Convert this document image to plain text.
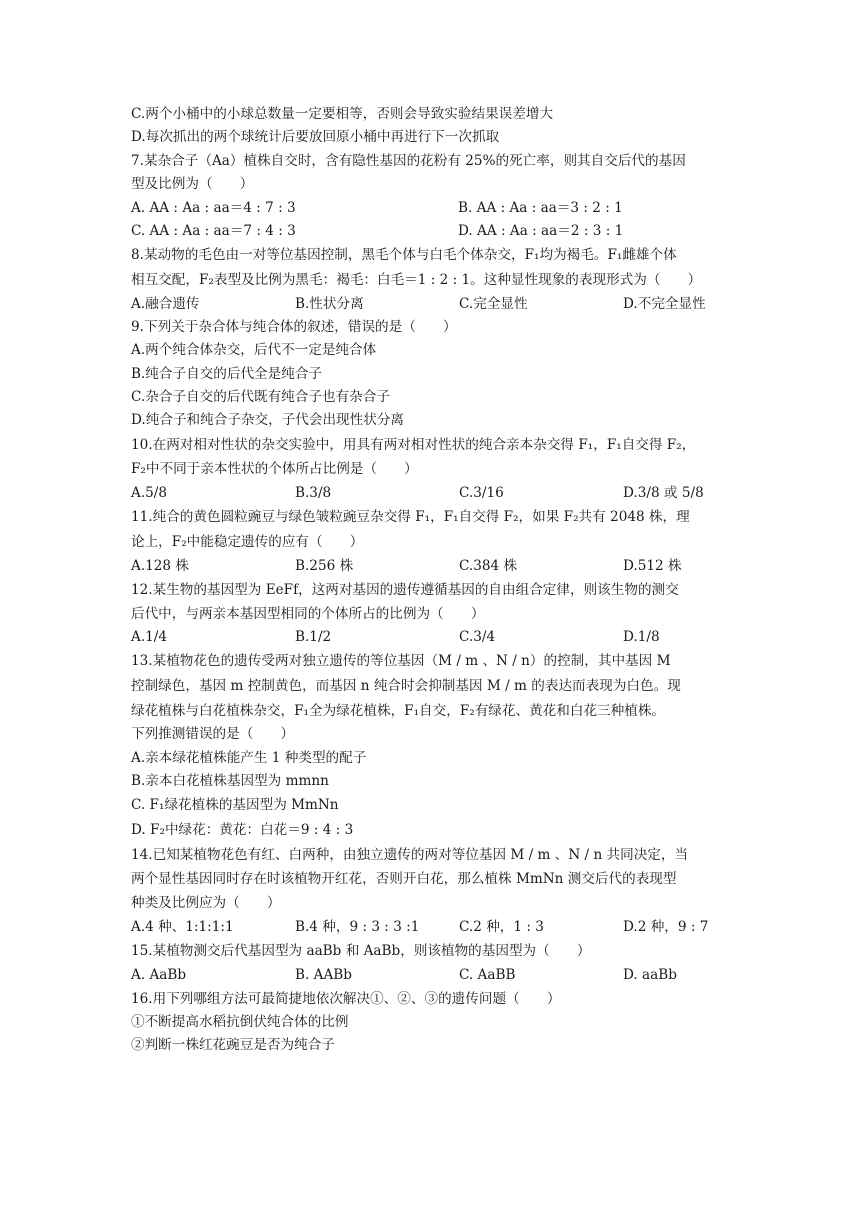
C.两个小桶中的小球总数量一定要相等，否则会导致实验结果误差增大
D.每次抓出的两个球统计后要放回原小桶中再进行下一次抓取
7.某杂合子（Aa）植株自交时，含有隐性基因的花粉有 25%的死亡率，则其自交后代的基因
型及比例为（　　）
A. AA : Aa : aa＝4 : 7 : 3	B. AA : Aa : aa＝3 : 2 : 1
C. AA : Aa : aa＝7 : 4 : 3	D. AA : Aa : aa＝2 : 3 : 1
8.某动物的毛色由一对等位基因控制，黑毛个体与白毛个体杂交，F₁均为褐毛。F₁雌雄个体
相互交配，F₂表型及比例为黑毛：褐毛：白毛＝1 : 2 : 1。这种显性现象的表现形式为（　　）
A.融合遗传	B.性状分离	C.完全显性	D.不完全显性
9.下列关于杂合体与纯合体的叙述，错误的是（　　）
A.两个纯合体杂交，后代不一定是纯合体
B.纯合子自交的后代全是纯合子
C.杂合子自交的后代既有纯合子也有杂合子
D.纯合子和纯合子杂交，子代会出现性状分离
10.在两对相对性状的杂交实验中，用具有两对相对性状的纯合亲本杂交得 F₁，F₁自交得 F₂，
F₂中不同于亲本性状的个体所占比例是（　　）
A.5/8	B.3/8	C.3/16	D.3/8 或 5/8
11.纯合的黄色圆粒豌豆与绿色皱粒豌豆杂交得 F₁，F₁自交得 F₂，如果 F₂共有 2048 株，理
论上，F₂中能稳定遗传的应有（　　）
A.128 株	B.256 株	C.384 株	D.512 株
12.某生物的基因型为 EeFf，这两对基因的遗传遵循基因的自由组合定律，则该生物的测交
后代中，与两亲本基因型相同的个体所占的比例为（　　）
A.1/4	B.1/2	C.3/4	D.1/8
13.某植物花色的遗传受两对独立遗传的等位基因（M / m 、N / n）的控制，其中基因 M
控制绿色，基因 m 控制黄色，而基因 n 纯合时会抑制基因 M / m 的表达而表现为白色。现
绿花植株与白花植株杂交，F₁全为绿花植株，F₁自交，F₂有绿花、黄花和白花三种植株。
下列推测错误的是（　　）
A.亲本绿花植株能产生 1 种类型的配子
B.亲本白花植株基因型为 mmnn
C. F₁绿花植株的基因型为 MmNn
D. F₂中绿花：黄花：白花＝9 : 4 : 3
14.已知某植物花色有红、白两种，由独立遗传的两对等位基因 M / m 、N / n 共同决定，当
两个显性基因同时存在时该植物开红花，否则开白花，那么植株 MmNn 测交后代的表现型
种类及比例应为（　　）
A.4 种、1:1:1:1	B.4 种，9 : 3 : 3 :1	C.2 种，1 : 3	D.2 种，9 : 7
15.某植物测交后代基因型为 aaBb 和 AaBb，则该植物的基因型为（　　）
A. AaBb	B. AABb	C. AaBB	D. aaBb
16.用下列哪组方法可最简捷地依次解决①、②、③的遗传问题（　　）
①不断提高水稻抗倒伏纯合体的比例
②判断一株红花豌豆是否为纯合子
